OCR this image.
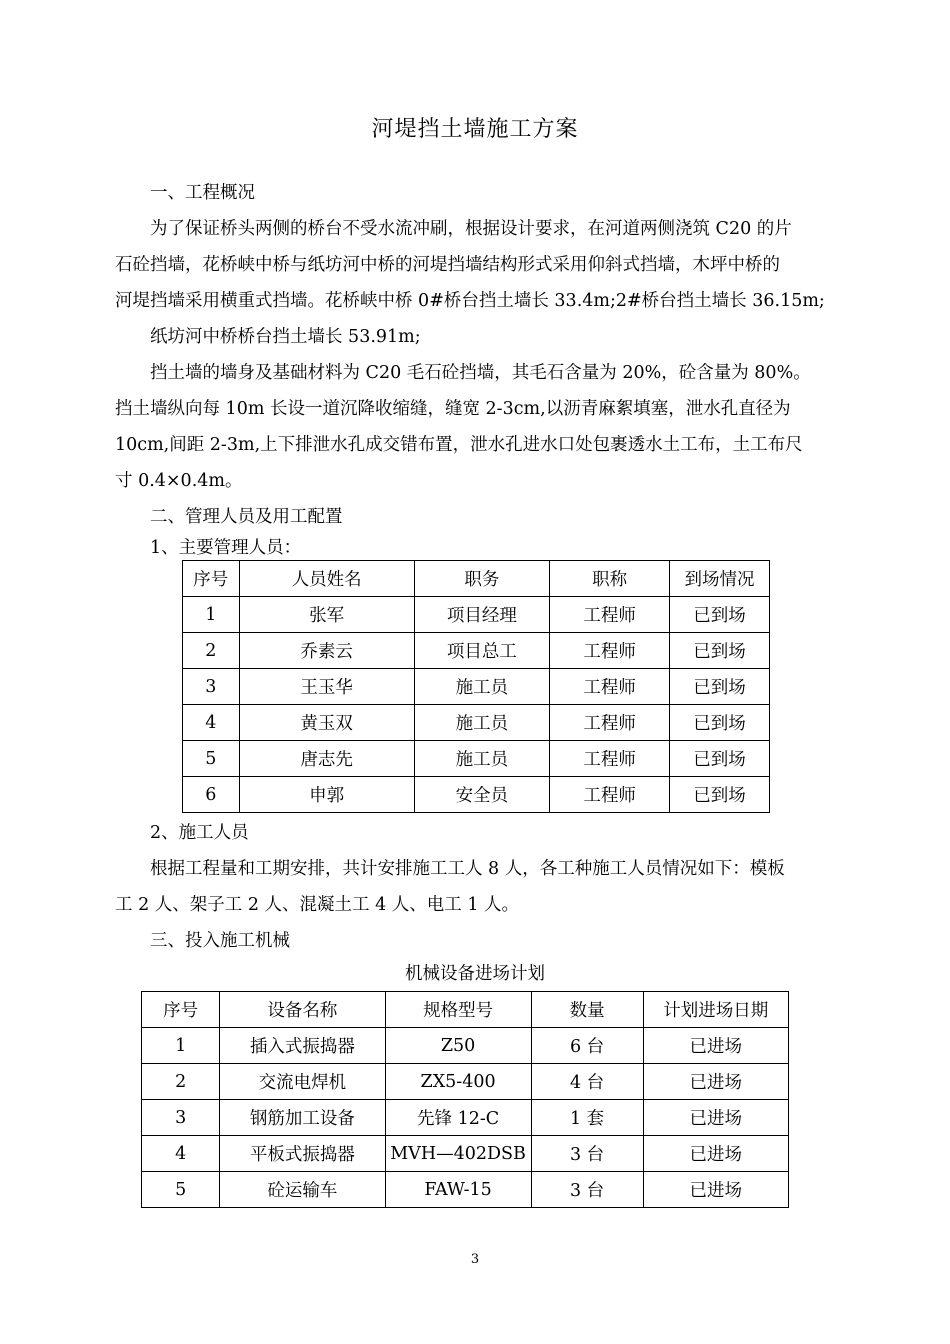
河堤挡土墙施工方案
一、工程概况
为了保证桥头两侧的桥台不受水流冲刷，根据设计要求，在河道两侧浇筑 C20 的片
石砼挡墙，花桥峡中桥与纸坊河中桥的河堤挡墙结构形式采用仰斜式挡墙，木坪中桥的
河堤挡墙采用横重式挡墙。花桥峡中桥 0#桥台挡土墙长 33.4m;2#桥台挡土墙长 36.15m;
纸坊河中桥桥台挡土墙长 53.91m;
挡土墙的墙身及基础材料为 C20 毛石砼挡墙，其毛石含量为 20%，砼含量为 80%。
挡土墙纵向每 10m 长设一道沉降收缩缝，缝宽 2-3cm,以沥青麻絮填塞，泄水孔直径为
10cm,间距 2-3m,上下排泄水孔成交错布置，泄水孔进水口处包裹透水土工布，土工布尺
寸 0.4×0.4m。
二、管理人员及用工配置
1、主要管理人员：
序号	人员姓名	职务	职称	到场情况
1	张军	项目经理	工程师	已到场
2	乔素云	项目总工	工程师	已到场
3	王玉华	施工员	工程师	已到场
4	黄玉双	施工员	工程师	已到场
5	唐志先	施工员	工程师	已到场
6	申郭	安全员	工程师	已到场
2、施工人员
根据工程量和工期安排，共计安排施工工人 8 人，各工种施工人员情况如下：模板
工 2 人、架子工 2 人、混凝土工 4 人、电工 1 人。
三、投入施工机械
机械设备进场计划
序号	设备名称	规格型号	数量	计划进场日期
1	插入式振捣器	Z50	6 台	已进场
2	交流电焊机	ZX5-400	4 台	已进场
3	钢筋加工设备	先锋 12-C	1 套	已进场
4	平板式振捣器	MVH—402DSB	3 台	已进场
5	砼运输车	FAW-15	3 台	已进场
3
